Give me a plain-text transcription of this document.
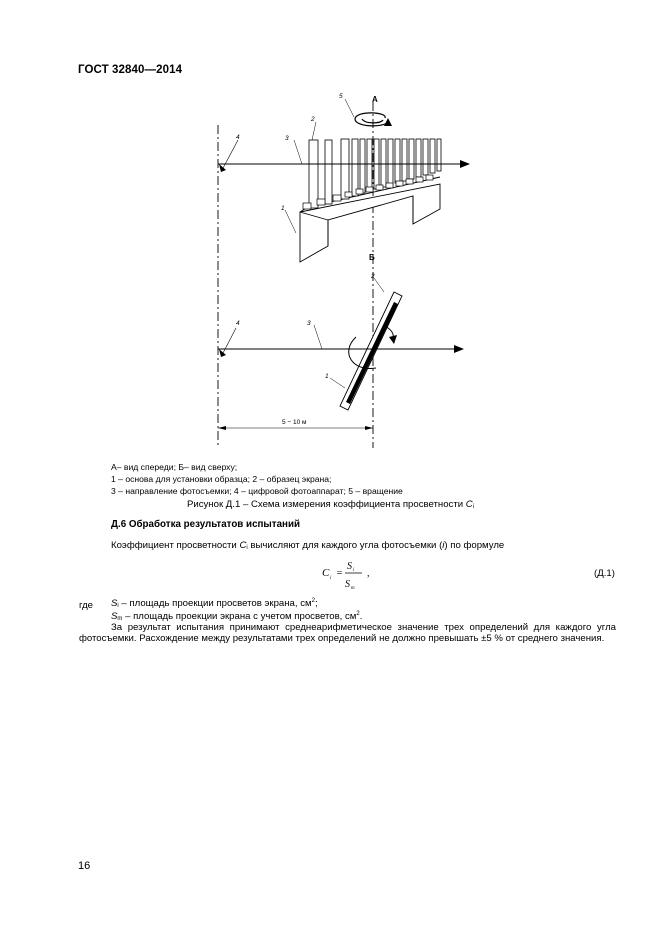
ГОСТ 32840—2014
А
4	3
2
5
1
Б
4	3
2
1
5 − 10 м
А– вид спереди; Б– вид сверху;
1 – основа для установки образца; 2 – образец экрана;
3 – направление фотосъемки; 4 – цифровой фотоаппарат; 5 – вращение
Рисунок Д.1 – Схема измерения коэффициента просветности $C_i$
Д.6 Обработка результатов испытаний
Коэффициент просветности $C_i$ вычисляют для каждого угла фотосъемки (i) по формуле
C i =
S i
S m
,	(Д.1)
где $S_i$ – площадь проекции просветов экрана, $см^2$;
$S_m$ – площадь проекции экрана с учетом просветов, $см^2$.
За результат испытания принимают среднеарифметическое значение трех определений для каждого угла фотосъемки. Расхождение между результатами трех определений не должно превышать ±5 % от среднего значения.
16
